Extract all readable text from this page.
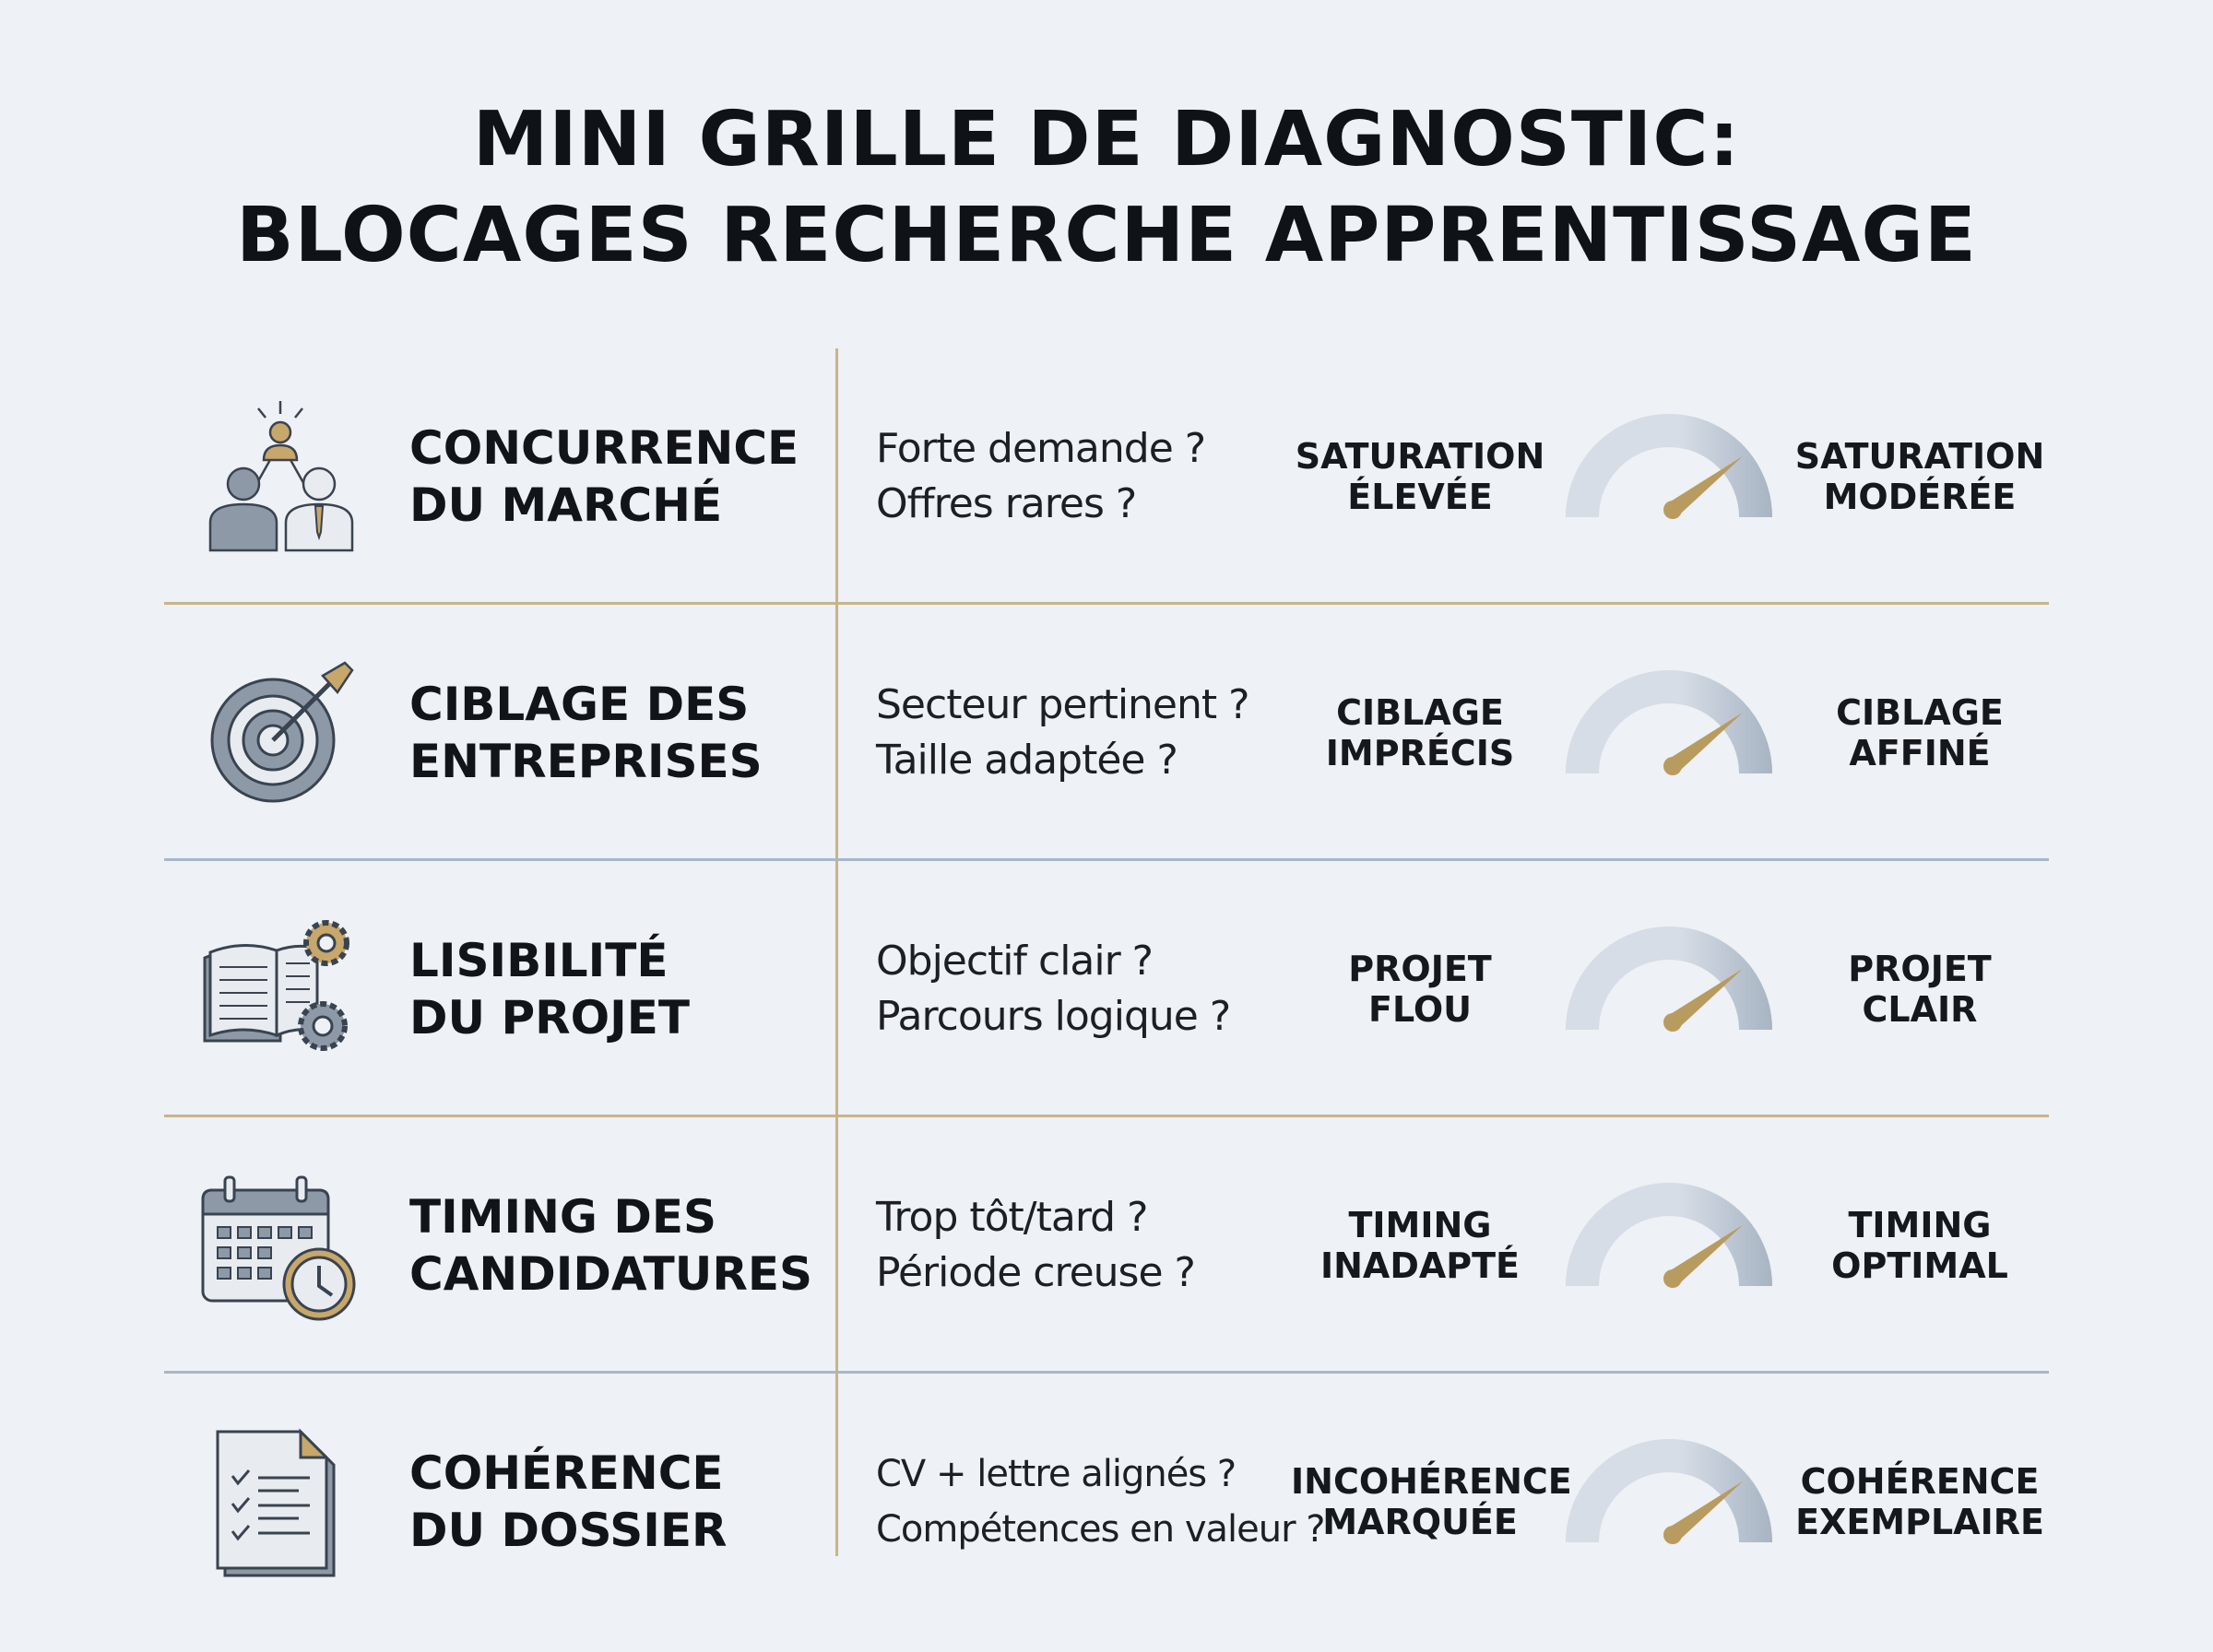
MINI GRILLE DE DIAGNOSTIC:
BLOCAGES RECHERCHE APPRENTISSAGE
CONCURRENCE
DU MARCHÉ
Forte demande ?
Offres rares ?
SATURATION
ÉLEVÉE
SATURATION
MODÉRÉE
CIBLAGE DES
ENTREPRISES
Secteur pertinent ?
Taille adaptée ?
CIBLAGE
IMPRÉCIS
CIBLAGE
AFFINÉ
LISIBILITÉ
DU PROJET
Objectif clair ?
Parcours logique ?
PROJET
FLOU
PROJET
CLAIR
TIMING DES
CANDIDATURES
Trop tôt/tard ?
Période creuse ?
TIMING
INADAPTÉ
TIMING
OPTIMAL
COHÉRENCE
DU DOSSIER
CV + lettre alignés ?
Compétences en valeur ?
INCOHÉRENCE
MARQUÉE
COHÉRENCE
EXEMPLAIRE
